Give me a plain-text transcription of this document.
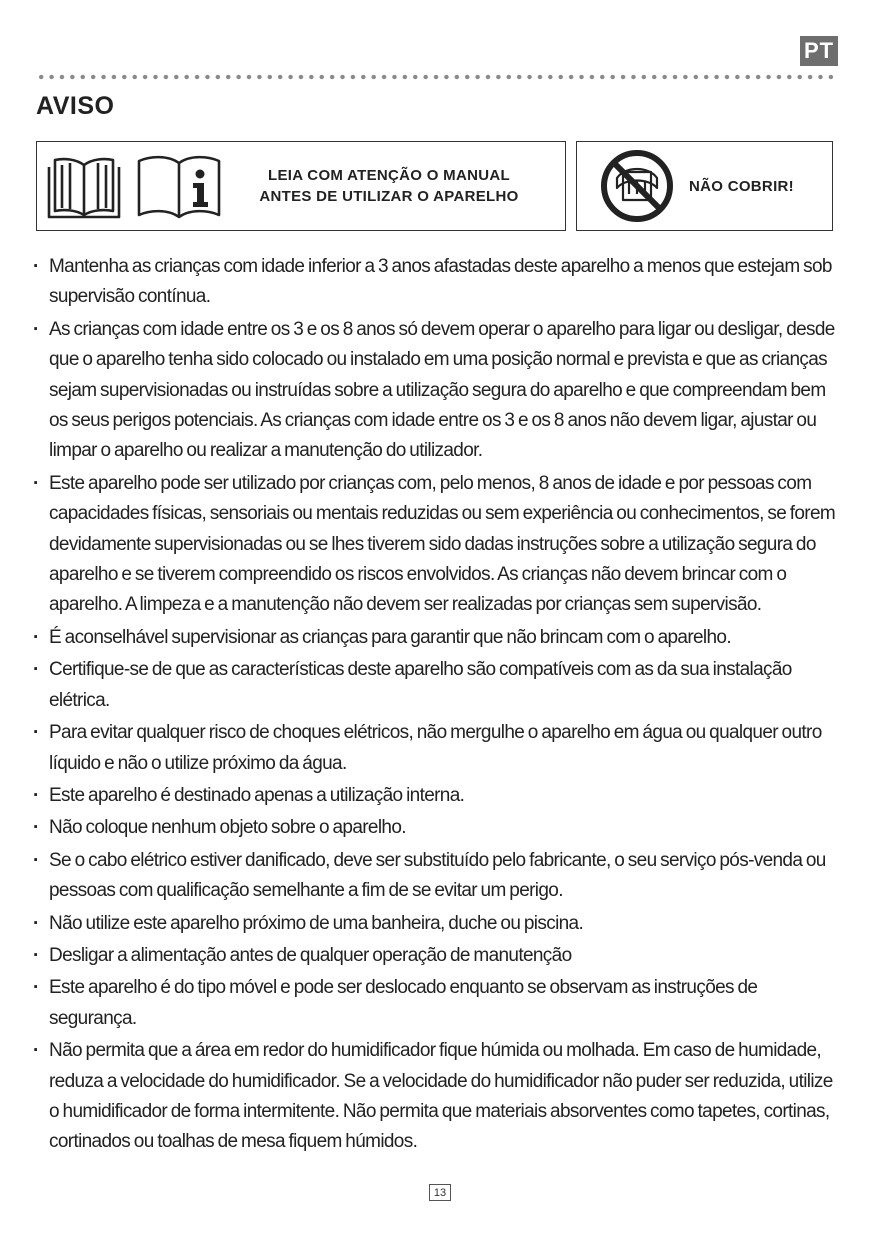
PT
AVISO
LEIA COM ATENÇÃO O MANUAL ANTES DE UTILIZAR O APARELHO
NÃO COBRIR!
· Mantenha as crianças com idade inferior a 3 anos afastadas deste aparelho a menos que estejam sob supervisão contínua.
· As crianças com idade entre os 3 e os 8 anos só devem operar o aparelho para ligar ou desligar, desde que o aparelho tenha sido colocado ou instalado em uma posição normal e prevista e que as crianças sejam supervisionadas ou instruídas sobre a utilização segura do aparelho e que compreendam bem os seus perigos potenciais. As crianças com idade entre os 3 e os 8 anos não devem ligar, ajustar ou limpar o aparelho ou realizar a manutenção do utilizador.
· Este aparelho pode ser utilizado por crianças com, pelo menos, 8 anos de idade e por pessoas com capacidades físicas, sensoriais ou mentais reduzidas ou sem experiência ou conhecimentos, se forem devidamente supervisionadas ou se lhes tiverem sido dadas instruções sobre a utilização segura do aparelho e se tiverem compreendido os riscos envolvidos. As crianças não devem brincar com o aparelho. A limpeza e a manutenção não devem ser realizadas por crianças sem supervisão.
· É aconselhável supervisionar as crianças para garantir que não brincam com o aparelho.
· Certifique-se de que as características deste aparelho são compatíveis com as da sua instalação elétrica.
· Para evitar qualquer risco de choques elétricos, não mergulhe o aparelho em água ou qualquer outro líquido e não o utilize próximo da água.
· Este aparelho é destinado apenas a utilização interna.
· Não coloque nenhum objeto sobre o aparelho.
· Se o cabo elétrico estiver danificado, deve ser substituído pelo fabricante, o seu serviço pós-venda ou pessoas com qualificação semelhante a fim de se evitar um perigo.
· Não utilize este aparelho próximo de uma banheira, duche ou piscina.
· Desligar a alimentação antes de qualquer operação de manutenção
· Este aparelho é do tipo móvel e pode ser deslocado enquanto se observam as instruções de segurança.
· Não permita que a área em redor do humidificador fique húmida ou molhada. Em caso de humidade, reduza a velocidade do humidificador. Se a velocidade do humidificador não puder ser reduzida, utilize o humidificador de forma intermitente. Não permita que materiais absorventes como tapetes, cortinas, cortinados ou toalhas de mesa fiquem húmidos.
13
